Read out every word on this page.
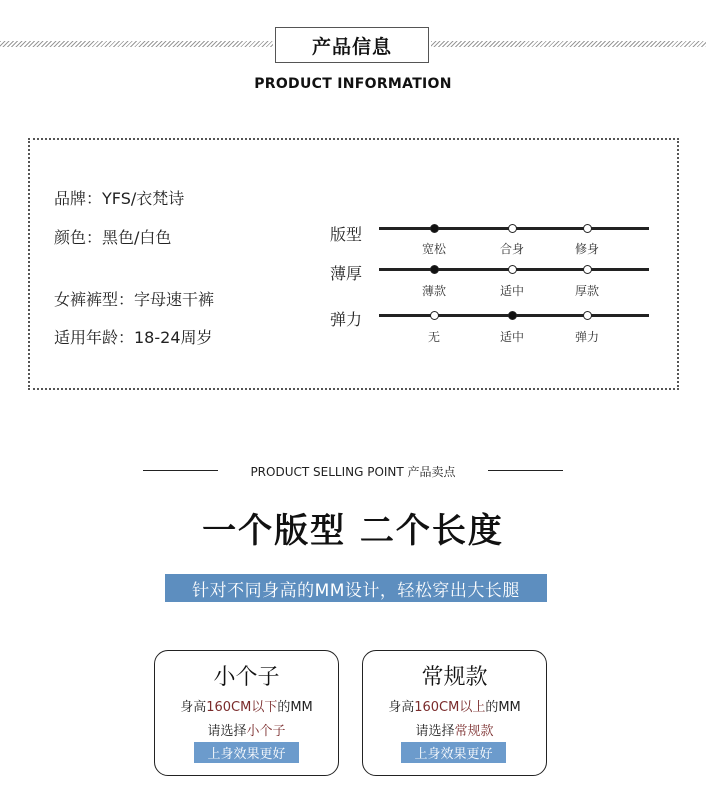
产品信息
PRODUCT INFORMATION
品牌：YFS/衣梵诗
颜色：黑色/白色
女裤裤型：字母速干裤
适用年龄：18-24周岁
版型
宽松	合身	修身
薄厚
薄款	适中	厚款
弹力
无	适中	弹力
PRODUCT SELLING POINT 产品卖点
一个版型 二个长度
针对不同身高的MM设计，轻松穿出大长腿
小个子
身高160CM以下的MM
请选择小个子
上身效果更好
常规款
身高160CM以上的MM
请选择常规款
上身效果更好
